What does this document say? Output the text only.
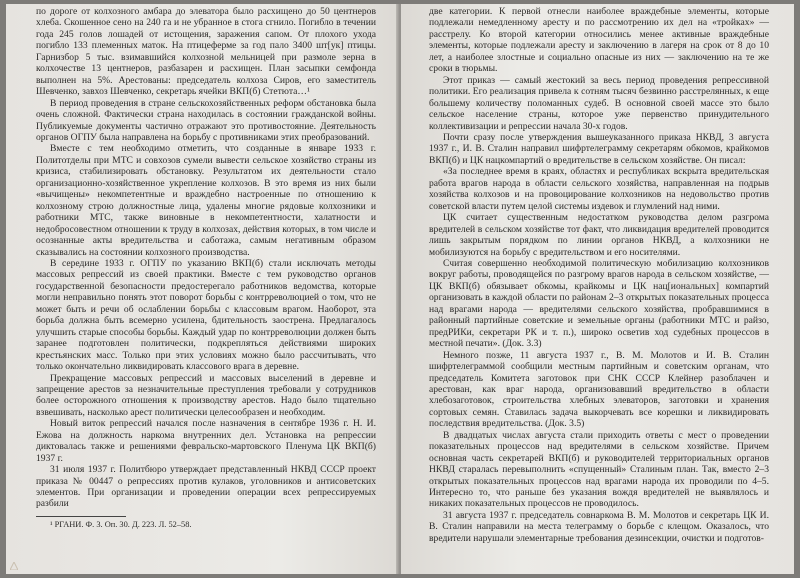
по дороге от колхозного амбара до элеватора было расхищено до 50 центнеров хлеба. Скошенное сено на 240 га и не убранное в стога сгнило. Погибло в течении года 245 голов лошадей от истощения, заражения сапом. От плохого ухода погибло 133 племенных маток. На птицеферме за год пало 3400 шт[ук] птицы. Гарнизбор 5 тыс. взимавшийся колхозной мельницей при размоле зерна в колхочестве 13 центнеров, разбазарен и расхищен. План засыпки семфонда выполнен на 5%. Арестованы: председатель колхоза Сиров, его заместитель Шевченко, завхоз Шевченко, секретарь ячейки ВКП(б) Стетюта…¹

В период проведения в стране сельскохозяйственных реформ обстановка была очень сложной. Фактически страна находилась в состоянии гражданской войны. Публикуемые документы частично отражают это противостояние. Деятельность органов ОГПУ была направлена на борьбу с противниками этих преобразований.

Вместе с тем необходимо отметить, что созданные в январе 1933 г. Политотделы при МТС и совхозов сумели вывести сельское хозяйство страны из кризиса, стабилизировать обстановку. Результатом их деятельности стало организационно-хозяйственное укрепление колхозов. В это время из них были «вычищены» некомпетентные и враждебно настроенные по отношению к колхозному строю должностные лица, удалены многие рядовые колхозники и работники МТС, также виновные в некомпетентности, халатности и недобросовестном отношении к труду в колхозах, действия которых, в том числе и осознанные акты вредительства и саботажа, самым негативным образом сказывались на состоянии колхозного производства.

В середине 1933 г. ОГПУ по указанию ВКП(б) стали исключать методы массовых репрессий из своей практики. Вместе с тем руководство органов государственной безопасности предостерегало работников ведомства, которые могли неправильно понять этот поворот борьбы с контрреволюцией о том, что не может быть и речи об ослаблении борьбы с классовым врагом. Наоборот, эта борьба должна быть всемерно усилена, бдительность заострена. Предлагалось улучшить старые способы борьбы. Каждый удар по контрреволюции должен быть заранее подготовлен политически, подкрепляться действиями широких крестьянских масс. Только при этих условиях можно было рассчитывать, что только окончательно ликвидировать классового врага в деревне.

Прекращение массовых репрессий и массовых выселений в деревне и запрещение арестов за незначительные преступления требовали у сотрудников более осторожного отношения к производству арестов. Надо было тщательно взвешивать, насколько арест политически целесообразен и необходим.

Новый виток репрессий начался после назначения в сентябре 1936 г. Н. И. Ежова на должность наркома внутренних дел. Установка на репрессии диктовалась также и решениями февральско-мартовского Пленума ЦК ВКП(б) 1937 г.

31 июля 1937 г. Политбюро утверждает представленный НКВД СССР проект приказа № 00447 о репрессиях против кулаков, уголовников и антисоветских элементов. При организации и проведении операции всех репрессируемых разбили

¹ РГАНИ. Ф. 3. Оп. 30. Д. 223. Л. 52–58.

две категории. К первой отнесли наиболее враждебные элементы, которые подлежали немедленному аресту и по рассмотрению их дел на «тройках» — расстрелу. Ко второй категории относились менее активные враждебные элементы, которые подлежали аресту и заключению в лагеря на срок от 8 до 10 лет, а наиболее злостные и социально опасные из них — заключению на те же сроки в тюрьмы.

Этот приказ — самый жестокий за весь период проведения репрессивной политики. Его реализация привела к сотням тысяч безвинно расстрелянных, к еще большему количеству поломанных судеб. В основной своей массе это было сельское население страны, которое уже первенство принудительного коллективизации и репрессии начала 30-х годов.

Почти сразу после утверждения вышеуказанного приказа НКВД, 3 августа 1937 г., И. В. Сталин направил шифртелеграмму секретарям обкомов, крайкомов ВКП(б) и ЦК нацкомпартий о вредительстве в сельском хозяйстве. Он писал:

«За последнее время в краях, областях и республиках вскрыта вредительская работа врагов народа в области сельского хозяйства, направленная на подрыв хозяйства колхозов и на провоцирование колхозников на недовольство против советской власти путем целой системы издевок и глумлений над ними.

ЦК считает существенным недостатком руководства делом разгрома вредителей в сельском хозяйстве тот факт, что ликвидация вредителей проводится лишь закрытым порядком по линии органов НКВД, а колхозники не мобилизуются на борьбу с вредительством и его носителями.

Считая совершенно необходимой политическую мобилизацию колхозников вокруг работы, проводящейся по разгрому врагов народа в сельском хозяйстве, — ЦК ВКП(б) обязывает обкомы, крайкомы и ЦК нац[иональных] компартий организовать в каждой области по районам 2–3 открытых показательных процесса над врагами народа — вредителями сельского хозяйства, пробравшимися в районный партийные советские и земельные органы (работники МТС и райзо, предРИКи, секретари РК и т. п.), широко осветив ход судебных процессов в местной печати». (Док. 3.3)

Немного позже, 11 августа 1937 г., В. М. Молотов и И. В. Сталин шифртелеграммой сообщили местным партийным и советским органам, что председатель Комитета заготовок при СНК СССР Клейнер разоблачен и арестован, как враг народа, организовавший вредительство в области хлебозаготовок, строительства хлебных элеваторов, заготовки и хранения сортовых семян. Ставилась задача выкорчевать все корешки и ликвидировать последствия вредительства. (Док. 3.5)

В двадцатых числах августа стали приходить ответы с мест о проведении показательных процессов над вредителями в сельском хозяйстве. Причем основная часть секретарей ВКП(б) и руководителей территориальных органов НКВД старалась перевыполнить «спущенный» Сталиным план. Так, вместо 2–3 открытых показательных процессов над врагами народа их проводили по 4–5. Интересно то, что раньше без указания вождя вредителей не выявлялось и никаких показательных процессов не проводилось.

31 августа 1937 г. председатель совнаркома В. М. Молотов и секретарь ЦК И. В. Сталин направили на места телеграмму о борьбе с клещом. Оказалось, что вредители нарушали элементарные требования дезинсекции, очистки и подготов-
